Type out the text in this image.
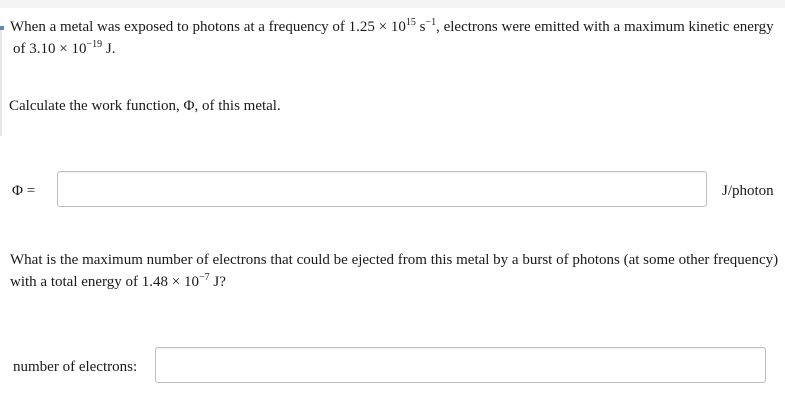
When a metal was exposed to photons at a frequency of $1.25 \times 10^{15}$ $s^{-1}$, electrons were emitted with a maximum kinetic energy
of $3.10 \times 10^{-19}$ J.
Calculate the work function, Φ, of this metal.
Φ =	J/photon
What is the maximum number of electrons that could be ejected from this metal by a burst of photons (at some other frequency)
with a total energy of $1.48 \times 10^{-7}$ J?
number of electrons:
